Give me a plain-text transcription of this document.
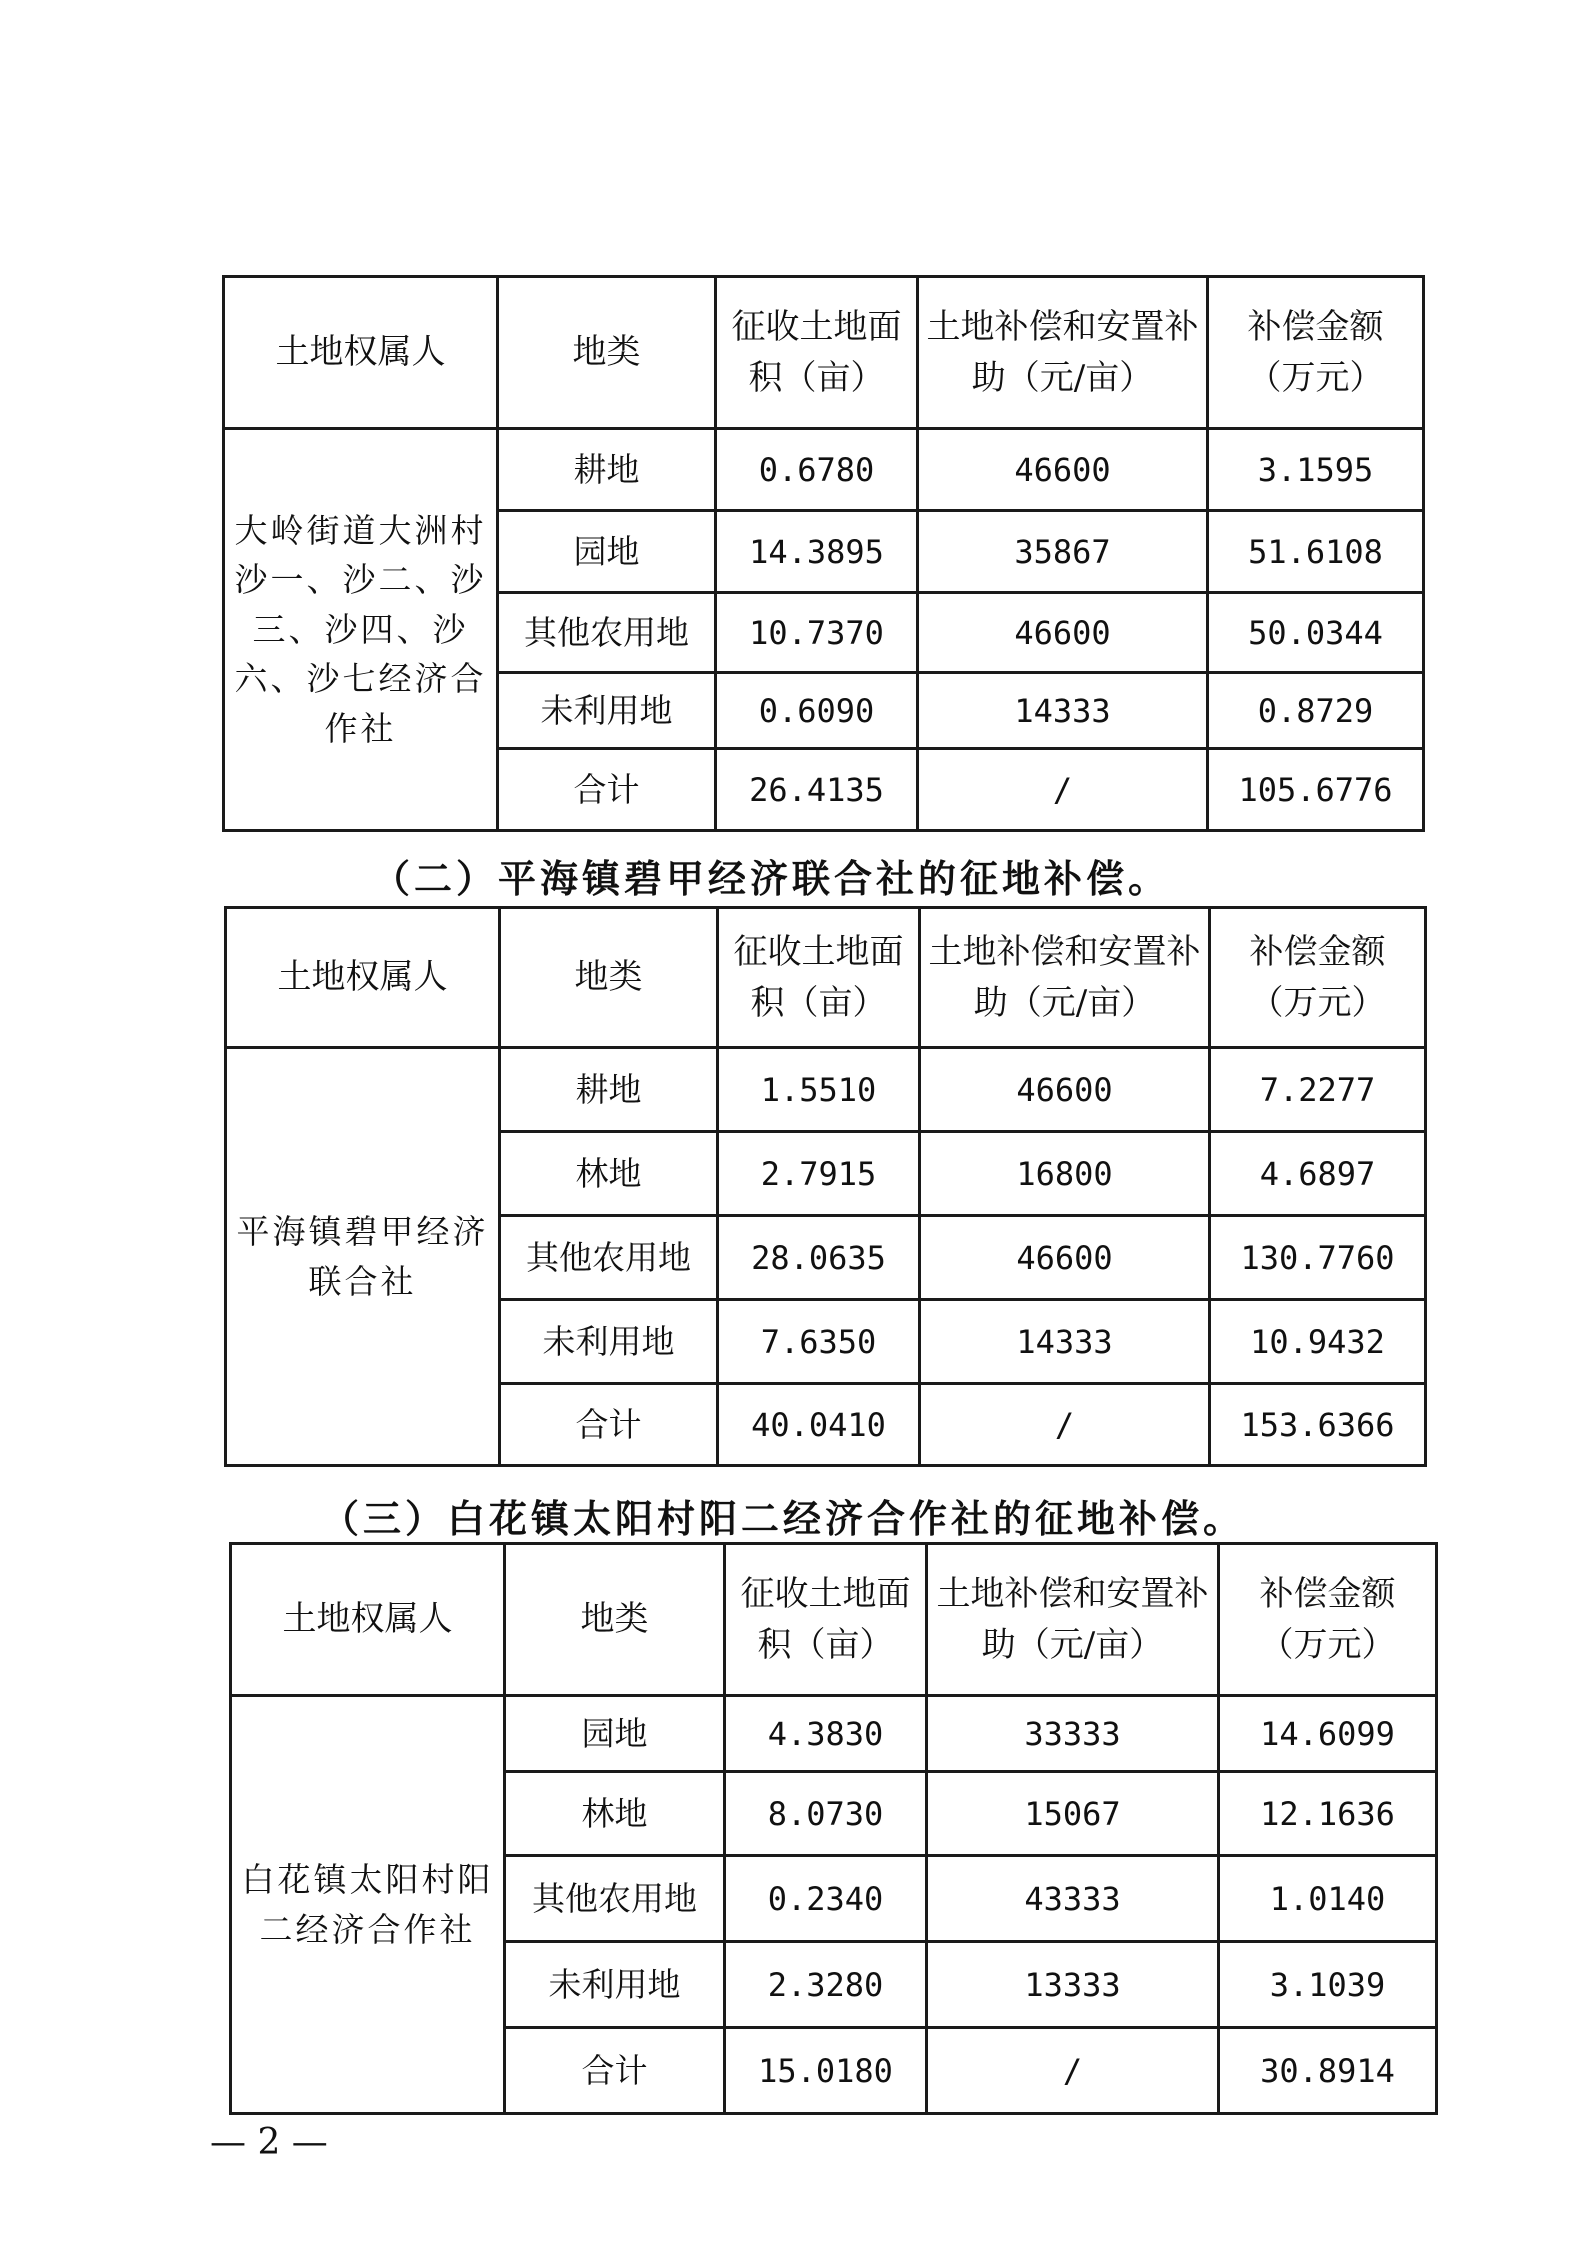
土地权属人	地类	征收土地面积（亩）	土地补偿和安置补助（元/亩）	补偿金额（万元）
大岭街道大洲村沙一、沙二、沙三、沙四、沙六、沙七经济合作社	耕地	0.6780	46600	3.1595
	园地	14.3895	35867	51.6108
	其他农用地	10.7370	46600	50.0344
	未利用地	0.6090	14333	0.8729
	合计	26.4135	/	105.6776
（二）平海镇碧甲经济联合社的征地补偿。
土地权属人	地类	征收土地面积（亩）	土地补偿和安置补助（元/亩）	补偿金额（万元）
平海镇碧甲经济联合社	耕地	1.5510	46600	7.2277
	林地	2.7915	16800	4.6897
	其他农用地	28.0635	46600	130.7760
	未利用地	7.6350	14333	10.9432
	合计	40.0410	/	153.6366
（三）白花镇太阳村阳二经济合作社的征地补偿。
土地权属人	地类	征收土地面积（亩）	土地补偿和安置补助（元/亩）	补偿金额（万元）
白花镇太阳村阳二经济合作社	园地	4.3830	33333	14.6099
	林地	8.0730	15067	12.1636
	其他农用地	0.2340	43333	1.0140
	未利用地	2.3280	13333	3.1039
	合计	15.0180	/	30.8914
— 2 —
